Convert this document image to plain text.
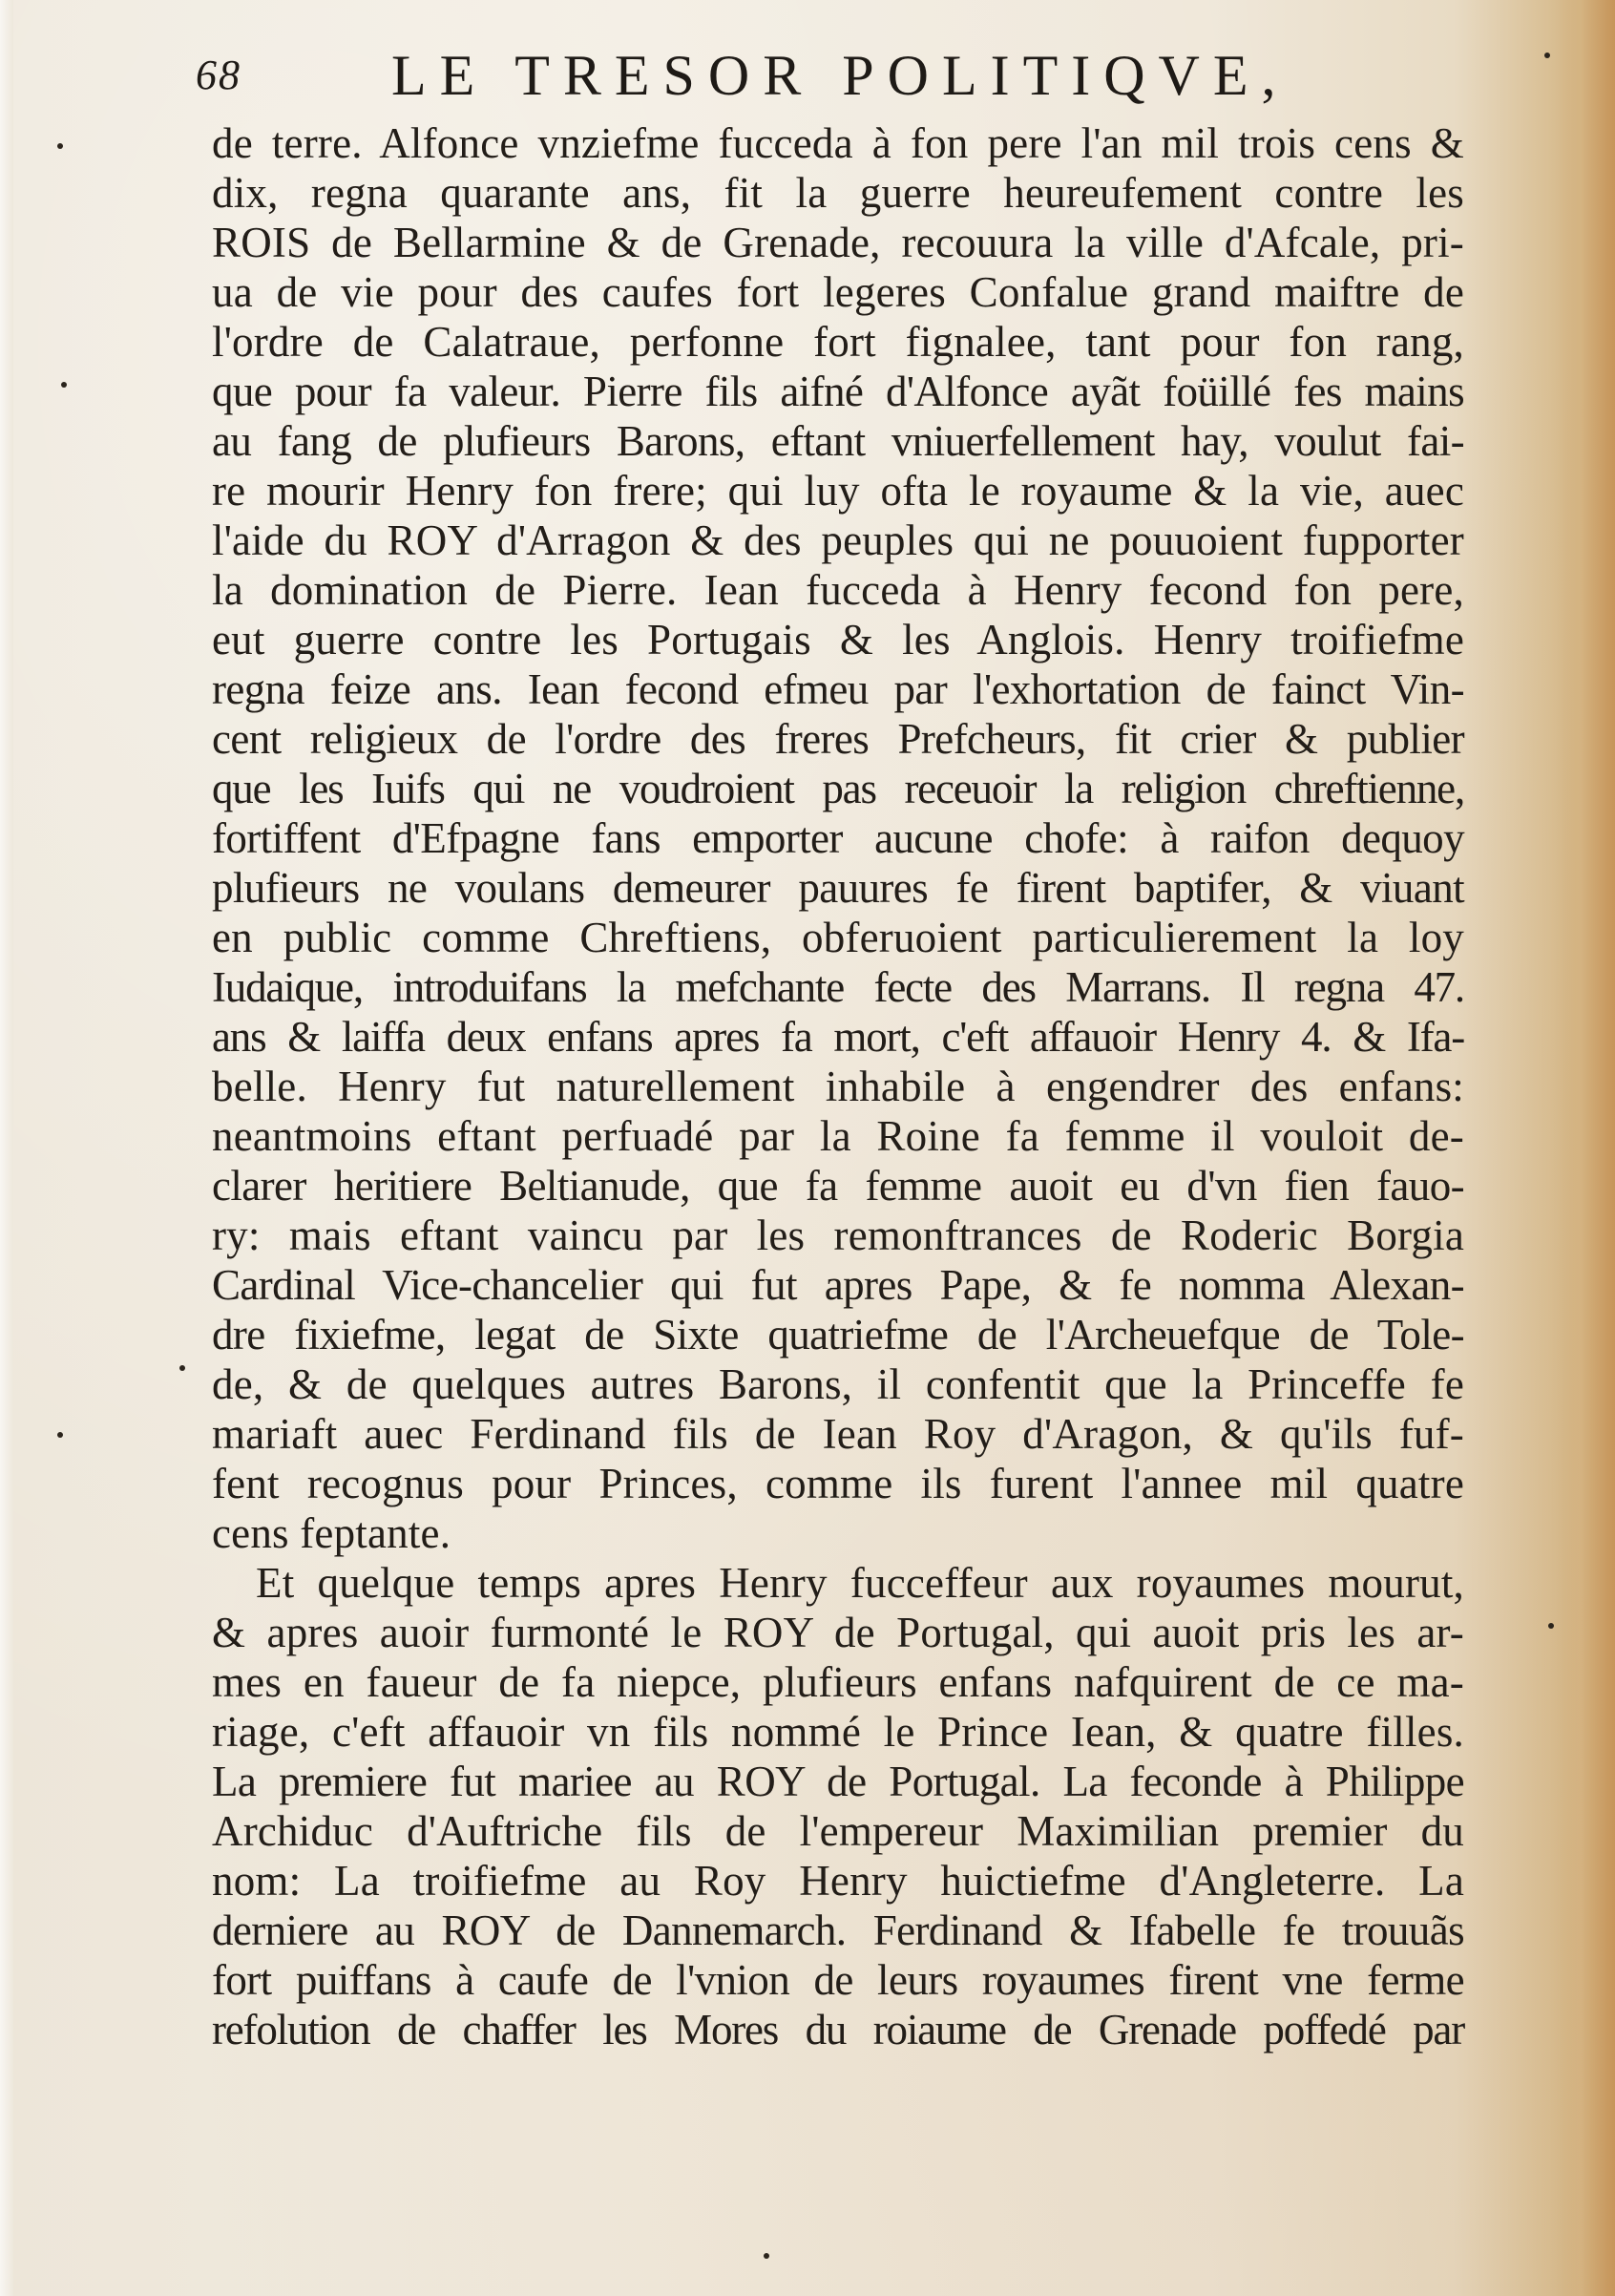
68	LE TRESOR POLITIQVE,

de terre. Alfonce vnziefme fucceda à fon pere l'an mil trois cens &
dix, regna quarante ans, fit la guerre heureufement contre les
ROIS de Bellarmine & de Grenade, recouura la ville d'Afcale, pri-
ua de vie pour des caufes fort legeres Confalue grand maiftre de
l'ordre de Calatraue, perfonne fort fignalee, tant pour fon rang,
que pour fa valeur. Pierre fils aifné d'Alfonce ayãt foüillé fes mains
au fang de plufieurs Barons, eftant vniuerfellement hay, voulut fai-
re mourir Henry fon frere; qui luy ofta le royaume & la vie, auec
l'aide du ROY d'Arragon & des peuples qui ne pouuoient fupporter
la domination de Pierre. Iean fucceda à Henry fecond fon pere,
eut guerre contre les Portugais & les Anglois. Henry troifiefme
regna feize ans. Iean fecond efmeu par l'exhortation de fainct Vin-
cent religieux de l'ordre des freres Prefcheurs, fit crier & publier
que les Iuifs qui ne voudroient pas receuoir la religion chreftienne,
fortiffent d'Efpagne fans emporter aucune chofe: à raifon dequoy
plufieurs ne voulans demeurer pauures fe firent baptifer, & viuant
en public comme Chreftiens, obferuoient particulierement la loy
Iudaique, introduifans la mefchante fecte des Marrans. Il regna 47.
ans & laiffa deux enfans apres fa mort, c'eft affauoir Henry 4. & Ifa-
belle. Henry fut naturellement inhabile à engendrer des enfans:
neantmoins eftant perfuadé par la Roine fa femme il vouloit de-
clarer heritiere Beltianude, que fa femme auoit eu d'vn fien fauo-
ry: mais eftant vaincu par les remonftrances de Roderic Borgia
Cardinal Vice-chancelier qui fut apres Pape, & fe nomma Alexan-
dre fixiefme, legat de Sixte quatriefme de l'Archeuefque de Tole-
de, & de quelques autres Barons, il confentit que la Princeffe fe
mariaft auec Ferdinand fils de Iean Roy d'Aragon, & qu'ils fuf-
fent recognus pour Princes, comme ils furent l'annee mil quatre
cens feptante.

Et quelque temps apres Henry fucceffeur aux royaumes mourut,
& apres auoir furmonté le ROY de Portugal, qui auoit pris les ar-
mes en faueur de fa niepce, plufieurs enfans nafquirent de ce ma-
riage, c'eft affauoir vn fils nommé le Prince Iean, & quatre filles.
La premiere fut mariee au ROY de Portugal. La feconde à Philippe
Archiduc d'Auftriche fils de l'empereur Maximilian premier du
nom: La troifiefme au Roy Henry huictiefme d'Angleterre. La
derniere au ROY de Dannemarch. Ferdinand & Ifabelle fe trouuãs
fort puiffans à caufe de l'vnion de leurs royaumes firent vne ferme
refolution de chaffer les Mores du roiaume de Grenade poffedé par
